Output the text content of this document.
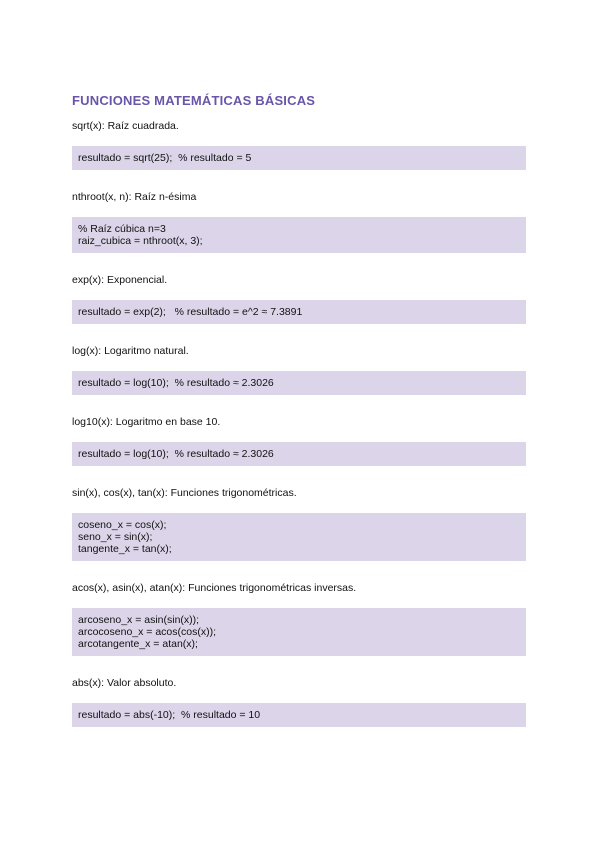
FUNCIONES MATEMÁTICAS BÁSICAS
sqrt(x): Raíz cuadrada.
resultado = sqrt(25);  % resultado = 5
nthroot(x, n): Raíz n-ésima
% Raíz cúbica n=3
raiz_cubica = nthroot(x, 3);
exp(x): Exponencial.
resultado = exp(2);   % resultado = e^2 ≈ 7.3891
log(x): Logaritmo natural.
resultado = log(10);  % resultado ≈ 2.3026
log10(x): Logaritmo en base 10.
resultado = log(10);  % resultado ≈ 2.3026
sin(x), cos(x), tan(x): Funciones trigonométricas.
coseno_x = cos(x);
seno_x = sin(x);
tangente_x = tan(x);
acos(x), asin(x), atan(x): Funciones trigonométricas inversas.
arcoseno_x = asin(sin(x));
arcocoseno_x = acos(cos(x));
arcotangente_x = atan(x);
abs(x): Valor absoluto.
resultado = abs(-10);  % resultado = 10
